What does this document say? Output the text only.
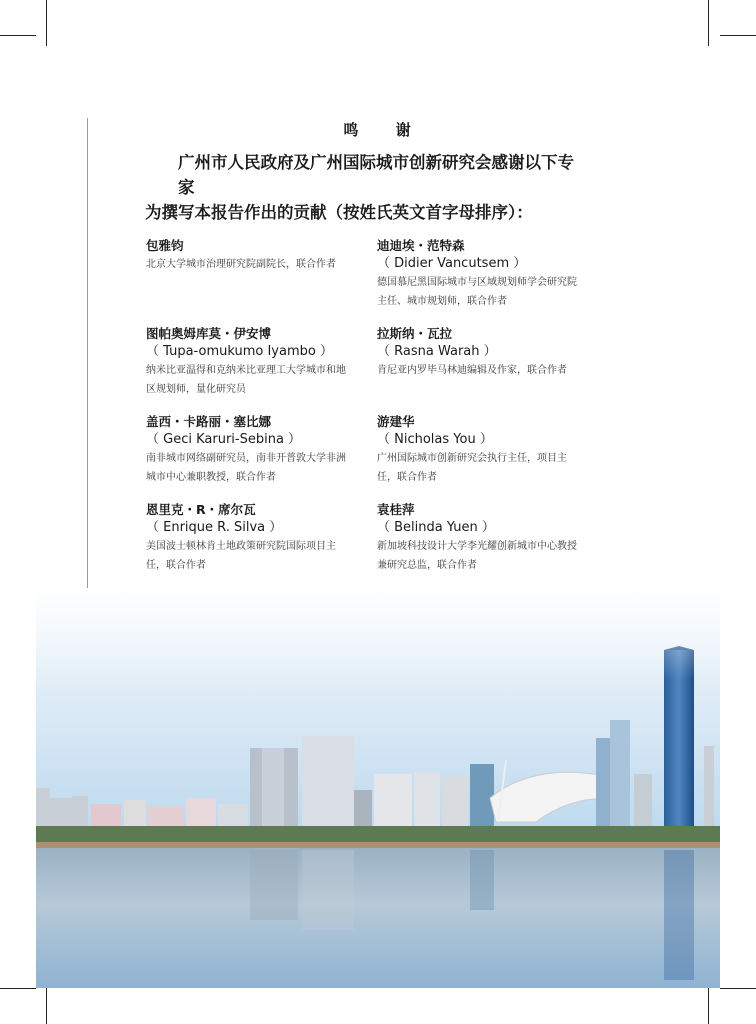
鸣 谢
广州市人民政府及广州国际城市创新研究会感谢以下专家
为撰写本报告作出的贡献（按姓氏英文首字母排序）：
包雅钧
北京大学城市治理研究院副院长，联合作者
迪迪埃・范特森
（ Didier Vancutsem ）
德国慕尼黑国际城市与区域规划师学会研究院主任、城市规划师，联合作者
图帕奥姆库莫・伊安博
（ Tupa-omukumo Iyambo ）
纳米比亚温得和克纳米比亚理工大学城市和地区规划师，量化研究员
拉斯纳・瓦拉
（ Rasna Warah ）
肯尼亚内罗毕马林迪编辑及作家，联合作者
盖西・卡路丽・塞比娜
（ Geci Karuri-Sebina ）
南非城市网络副研究员，南非开普敦大学非洲城市中心兼职教授，联合作者
游建华
（ Nicholas You ）
广州国际城市创新研究会执行主任，项目主任，联合作者
恩里克・R・席尔瓦
（ Enrique R. Silva ）
美国波士顿林肯土地政策研究院国际项目主任，联合作者
袁桂萍
（ Belinda Yuen ）
新加坡科技设计大学李光耀创新城市中心教授兼研究总监，联合作者
